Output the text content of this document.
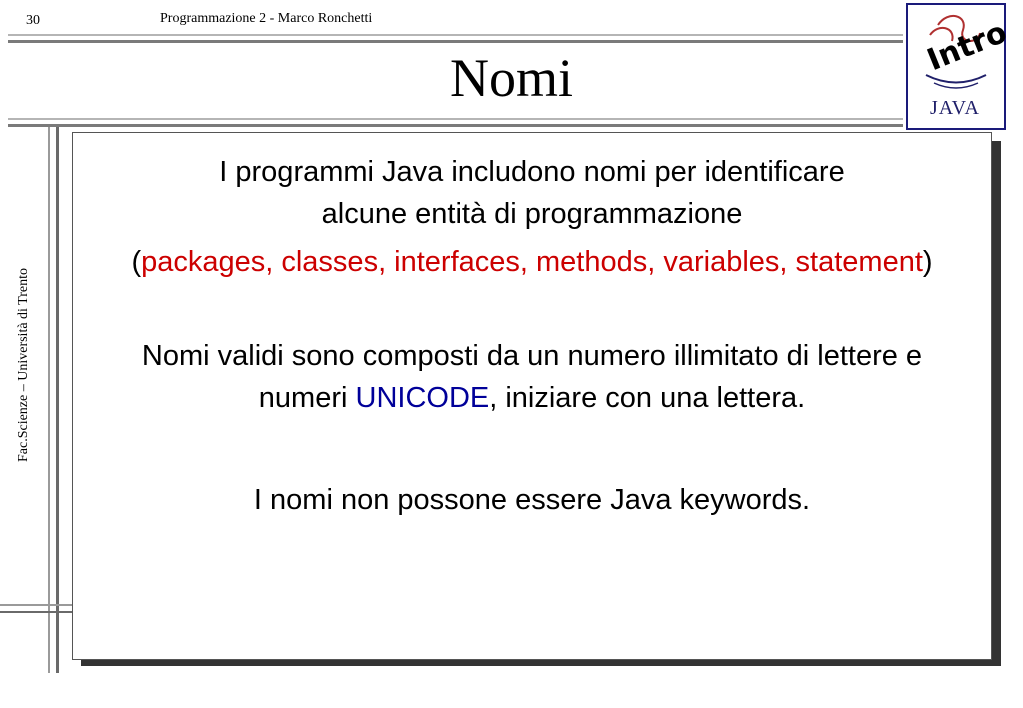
30	Programmazione 2 - Marco Ronchetti
Nomi
Fac.Scienze – Università di Trento
Intro
JAVA

I programmi Java includono nomi per identificare alcune entità di programmazione

(packages, classes, interfaces, methods, variables, statement)

Nomi validi sono composti da un numero illimitato di lettere e numeri UNICODE, iniziare con una lettera.

I nomi non possone essere Java keywords.
